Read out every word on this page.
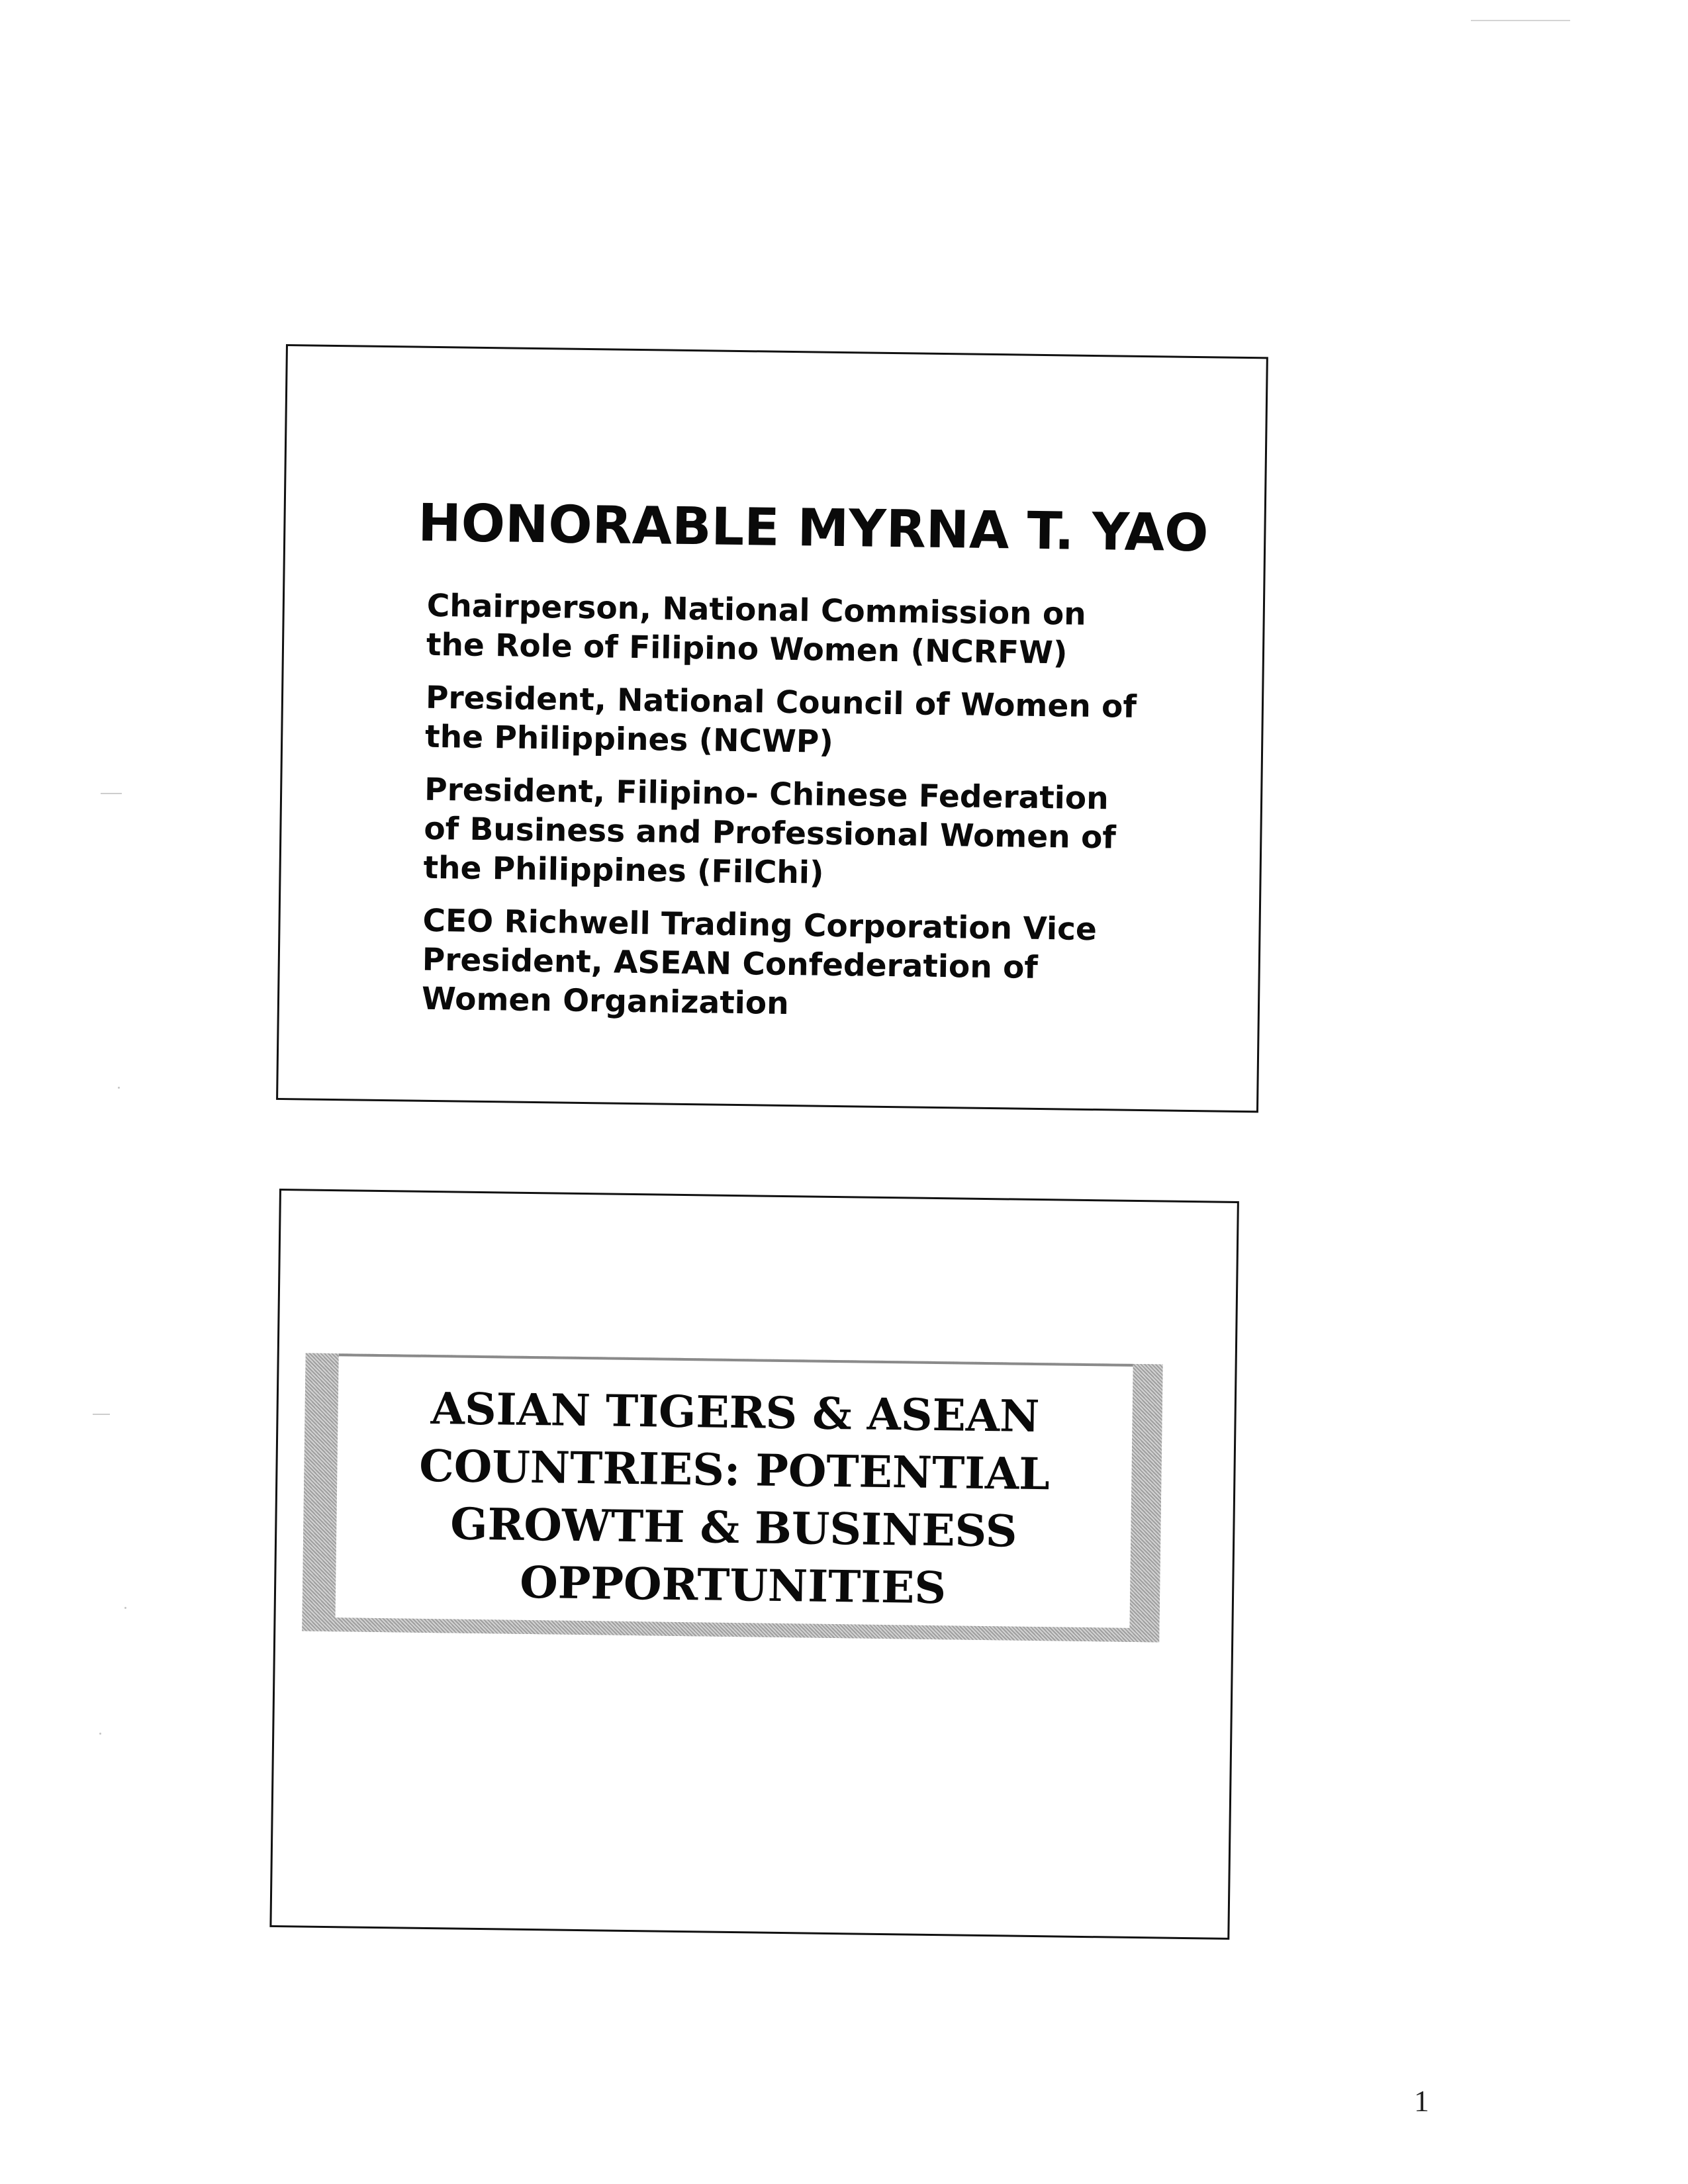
HONORABLE MYRNA T. YAO
Chairperson, National Commission on
the Role of Filipino Women (NCRFW)
President, National Council of Women of
the Philippines (NCWP)
President, Filipino- Chinese Federation
of Business and Professional Women of
the Philippines (FilChi)
CEO Richwell Trading Corporation Vice
President, ASEAN Confederation of
Women Organization
ASIAN TIGERS & ASEAN
COUNTRIES: POTENTIAL
GROWTH & BUSINESS
OPPORTUNITIES
1
